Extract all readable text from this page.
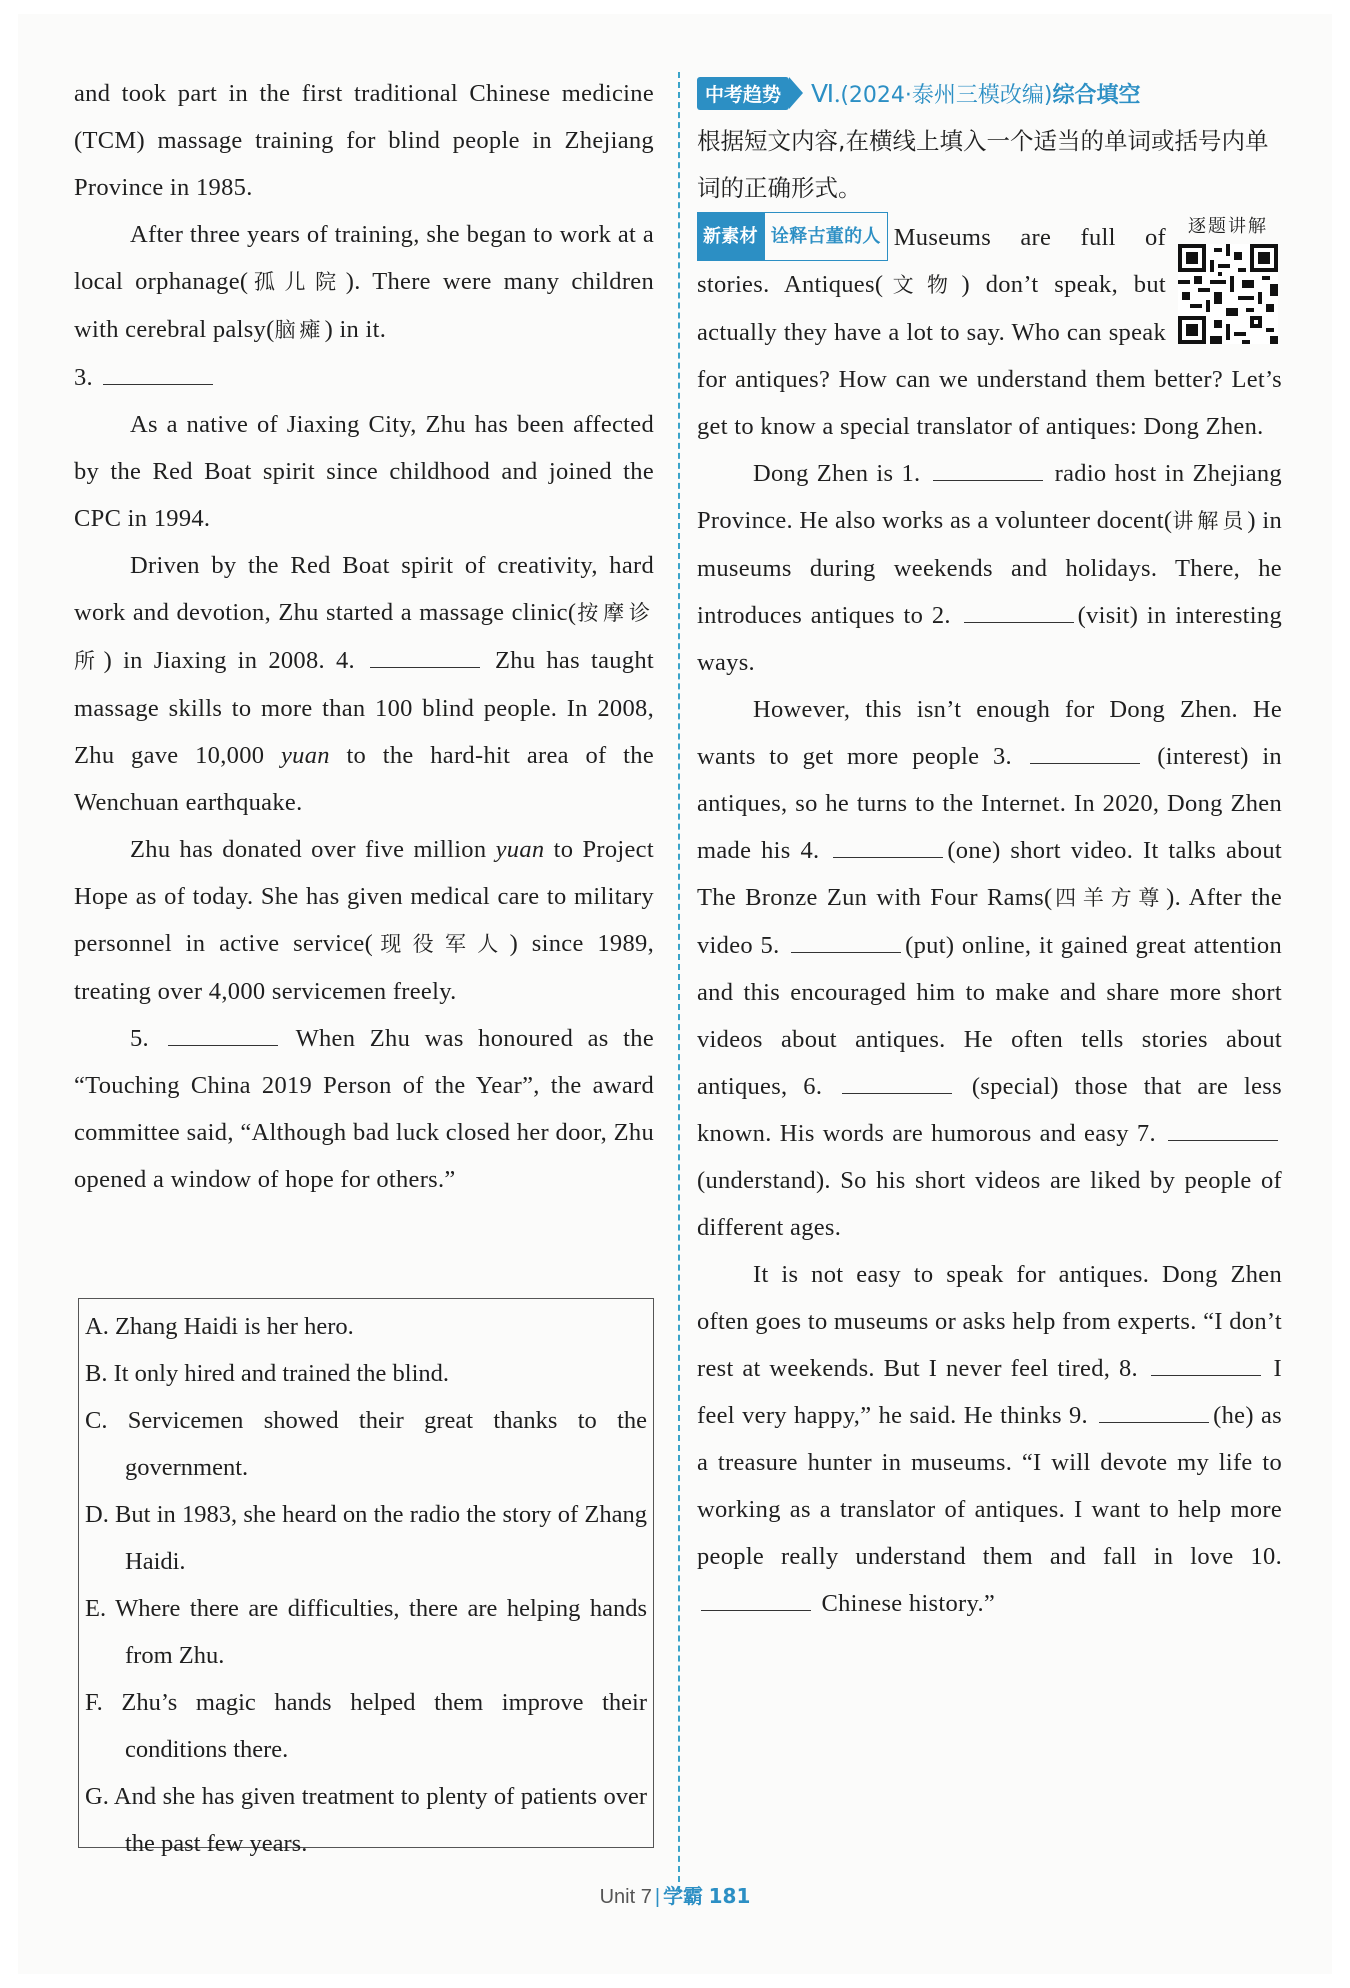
and took part in the first traditional Chinese medicine (TCM) massage training for blind people in Zhejiang Province in 1985.

After three years of training, she began to work at a local orphanage(孤儿院). There were many children with cerebral palsy(脑瘫) in it.

3.

As a native of Jiaxing City, Zhu has been affected by the Red Boat spirit since childhood and joined the CPC in 1994.

Driven by the Red Boat spirit of creativity, hard work and devotion, Zhu started a massage clinic(按摩诊所) in Jiaxing in 2008. 4.	Zhu has taught massage skills to more than 100 blind people. In 2008, Zhu gave 10,000 yuan to the hard-hit area of the Wenchuan earthquake.

Zhu has donated over five million yuan to Project Hope as of today. She has given medical care to military personnel in active service(现役军人) since 1989, treating over 4,000 servicemen freely.

5.	When Zhu was honoured as the “Touching China 2019 Person of the Year”, the award committee said, “Although bad luck closed her door, Zhu opened a window of hope for others.”

A. Zhang Haidi is her hero.

B. It only hired and trained the blind.

C. Servicemen showed their great thanks to the government.

D. But in 1983, she heard on the radio the story of Zhang Haidi.

E. Where there are difficulties, there are helping hands from Zhu.

F. Zhu’s magic hands helped them improve their conditions there.

G. And she has given treatment to plenty of patients over the past few years.

中考趋势	Ⅵ.(2024·泰州三模改编)综合填空

根据短文内容,在横线上填入一个适当的单词或括号内单词的正确形式。

逐题讲解

新素材 诠释古董的人 Museums are full of stories. Antiques(文物) don’t speak, but actually they have a lot to say. Who can speak for antiques? How can we understand them better? Let’s get to know a special translator of antiques: Dong Zhen.

Dong Zhen is 1.	radio host in Zhejiang Province. He also works as a volunteer docent(讲解员) in museums during weekends and holidays. There, he introduces antiques to 2.	(visit) in interesting ways.

However, this isn’t enough for Dong Zhen. He wants to get more people 3.	(interest) in antiques, so he turns to the Internet. In 2020, Dong Zhen made his 4.	(one) short video. It talks about The Bronze Zun with Four Rams(四羊方尊). After the video 5.	(put) online, it gained great attention and this encouraged him to make and share more short videos about antiques. He often tells stories about antiques, 6.	(special) those that are less known. His words are humorous and easy 7. (understand). So his short videos are liked by people of different ages.

It is not easy to speak for antiques. Dong Zhen often goes to museums or asks help from experts. “I don’t rest at weekends. But I never feel tired, 8.	I feel very happy,” he said. He thinks 9.	(he) as a treasure hunter in museums. “I will devote my life to working as a translator of antiques. I want to help more people really understand them and fall in love 10.  Chinese history.”

Unit 7 | 学霸 181
